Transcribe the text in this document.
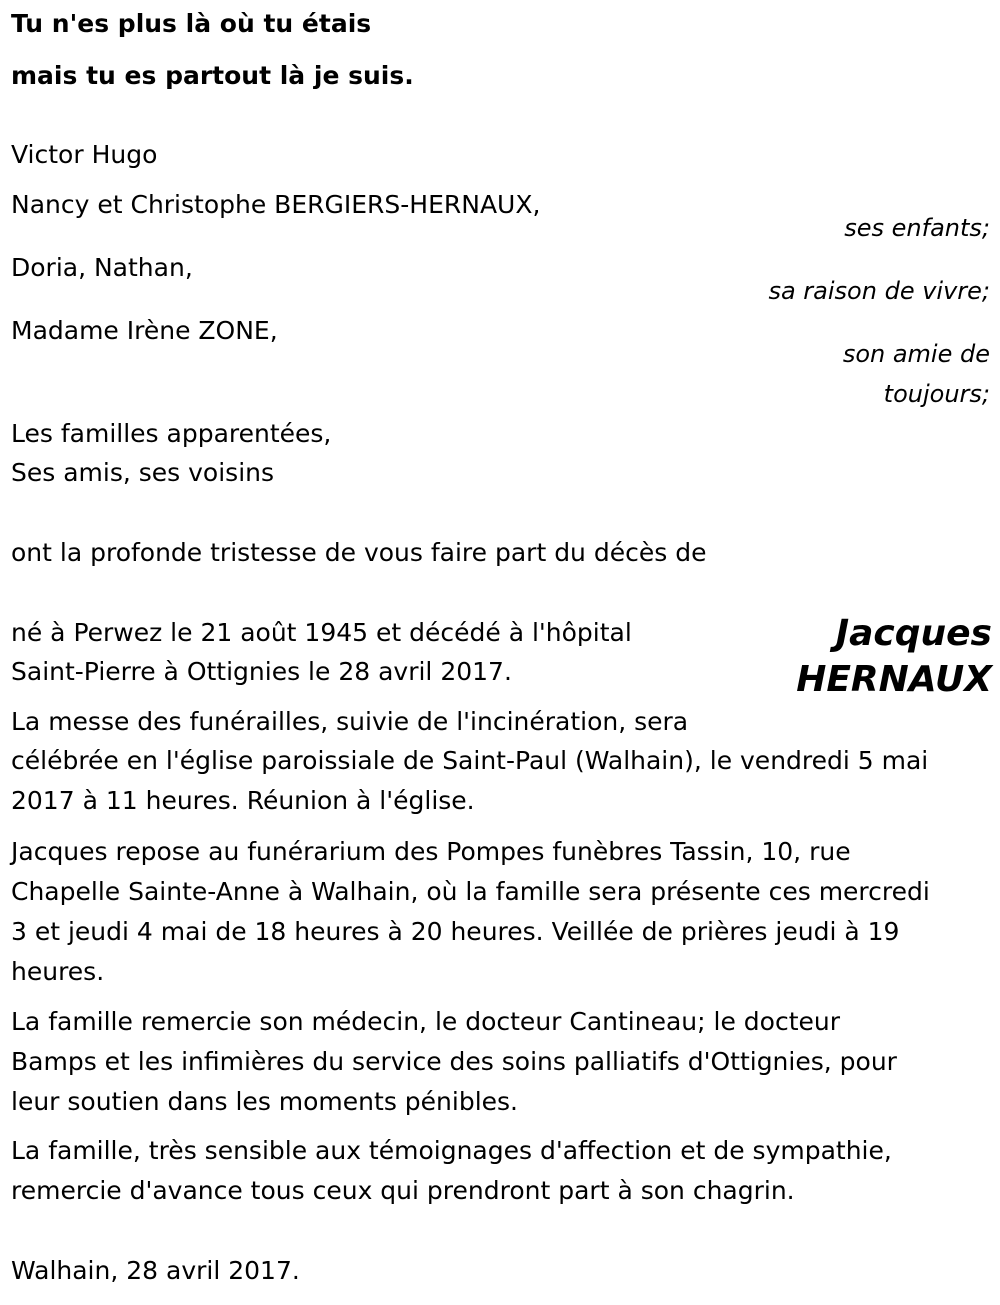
Tu n'es plus là où tu étais
mais tu es partout là je suis.
Victor Hugo
Nancy et Christophe BERGIERS-HERNAUX,
ses enfants;
Doria, Nathan,
sa raison de vivre;
Madame Irène ZONE,
son amie de
toujours;
Les familles apparentées,
Ses amis, ses voisins
ont la profonde tristesse de vous faire part du décès de
Jacques
HERNAUX
né à Perwez le 21 août 1945 et décédé à l'hôpital
Saint-Pierre à Ottignies le 28 avril 2017.
La messe des funérailles, suivie de l'incinération, sera
célébrée en l'église paroissiale de Saint-Paul (Walhain), le vendredi 5 mai
2017 à 11 heures. Réunion à l'église.
Jacques repose au funérarium des Pompes funèbres Tassin, 10, rue
Chapelle Sainte-Anne à Walhain, où la famille sera présente ces mercredi
3 et jeudi 4 mai de 18 heures à 20 heures. Veillée de prières jeudi à 19
heures.
La famille remercie son médecin, le docteur Cantineau; le docteur
Bamps et les infimières du service des soins palliatifs d'Ottignies, pour
leur soutien dans les moments pénibles.
La famille, très sensible aux témoignages d'affection et de sympathie,
remercie d'avance tous ceux qui prendront part à son chagrin.
Walhain, 28 avril 2017.
